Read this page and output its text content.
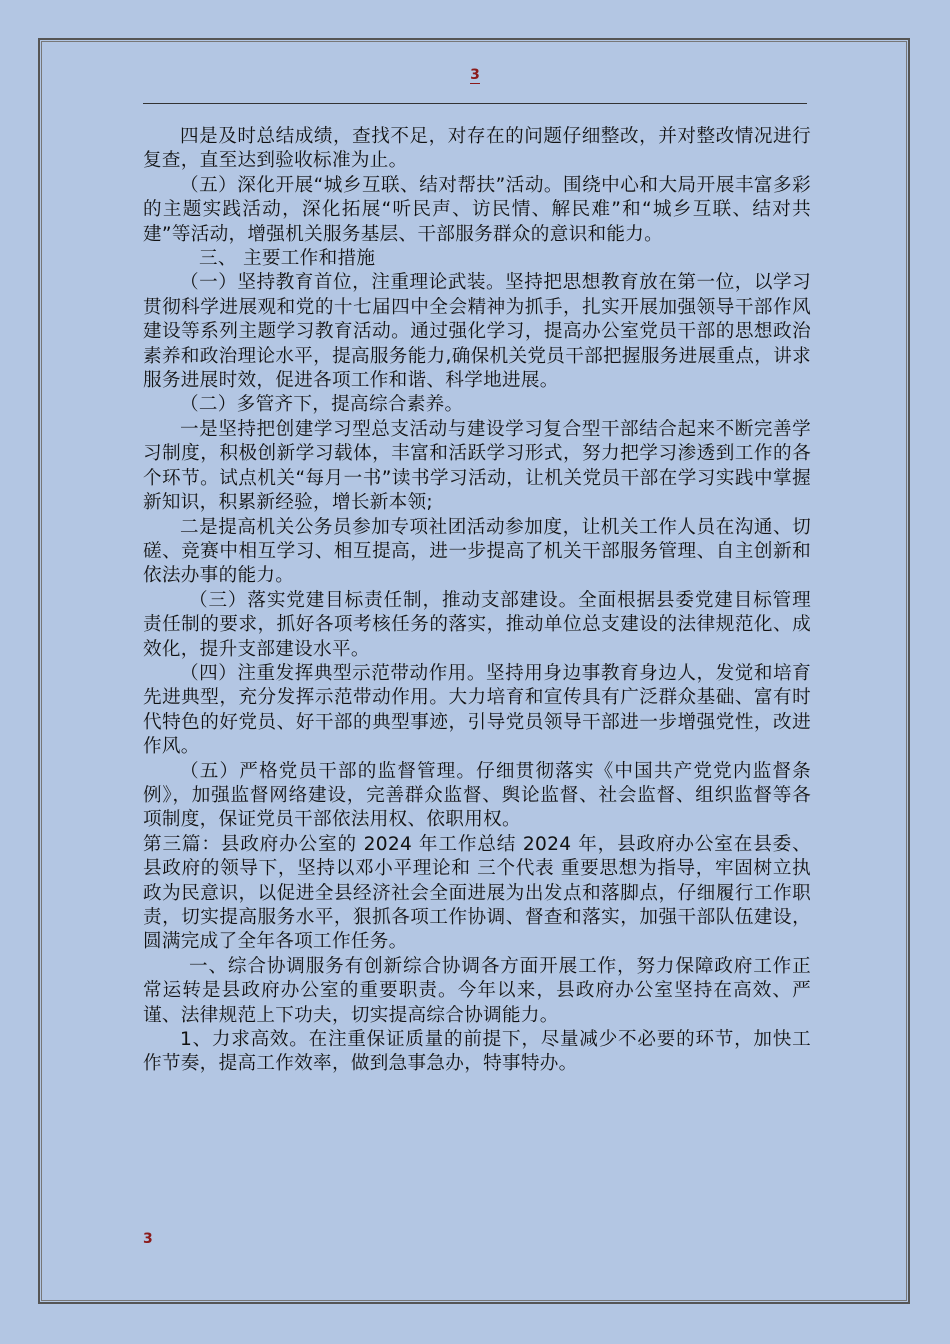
3

四是及时总结成绩，查找不足，对存在的问题仔细整改，并对整改情况进行复查，直至达到验收标准为止。

（五）深化开展“城乡互联、结对帮扶”活动。围绕中心和大局开展丰富多彩的主题实践活动，深化拓展“听民声、访民情、解民难”和“城乡互联、结对共建”等活动，增强机关服务基层、干部服务群众的意识和能力。

三、 主要工作和措施

（一）坚持教育首位，注重理论武装。坚持把思想教育放在第一位，以学习贯彻科学进展观和党的十七届四中全会精神为抓手，扎实开展加强领导干部作风建设等系列主题学习教育活动。通过强化学习，提高办公室党员干部的思想政治素养和政治理论水平，提高服务能力,确保机关党员干部把握服务进展重点，讲求服务进展时效，促进各项工作和谐、科学地进展。

（二）多管齐下，提高综合素养。

一是坚持把创建学习型总支活动与建设学习复合型干部结合起来不断完善学习制度，积极创新学习载体，丰富和活跃学习形式，努力把学习渗透到工作的各个环节。试点机关“每月一书”读书学习活动，让机关党员干部在学习实践中掌握新知识，积累新经验，增长新本领;

二是提高机关公务员参加专项社团活动参加度，让机关工作人员在沟通、切磋、竞赛中相互学习、相互提高，进一步提高了机关干部服务管理、自主创新和依法办事的能力。

（三）落实党建目标责任制，推动支部建设。全面根据县委党建目标管理责任制的要求，抓好各项考核任务的落实，推动单位总支建设的法律规范化、成效化，提升支部建设水平。

（四）注重发挥典型示范带动作用。坚持用身边事教育身边人，发觉和培育先进典型，充分发挥示范带动作用。大力培育和宣传具有广泛群众基础、富有时代特色的好党员、好干部的典型事迹，引导党员领导干部进一步增强党性，改进作风。

（五）严格党员干部的监督管理。仔细贯彻落实《中国共产党党内监督条例》，加强监督网络建设，完善群众监督、舆论监督、社会监督、组织监督等各项制度，保证党员干部依法用权、依职用权。

第三篇：县政府办公室的 2024 年工作总结 2024 年，县政府办公室在县委、县政府的领导下，坚持以邓小平理论和 三个代表 重要思想为指导，牢固树立执政为民意识，以促进全县经济社会全面进展为出发点和落脚点，仔细履行工作职责，切实提高服务水平，狠抓各项工作协调、督查和落实，加强干部队伍建设，圆满完成了全年各项工作任务。

一、综合协调服务有创新综合协调各方面开展工作，努力保障政府工作正常运转是县政府办公室的重要职责。今年以来，县政府办公室坚持在高效、严谨、法律规范上下功夫，切实提高综合协调能力。

1、力求高效。在注重保证质量的前提下，尽量减少不必要的环节，加快工作节奏，提高工作效率，做到急事急办，特事特办。

3
